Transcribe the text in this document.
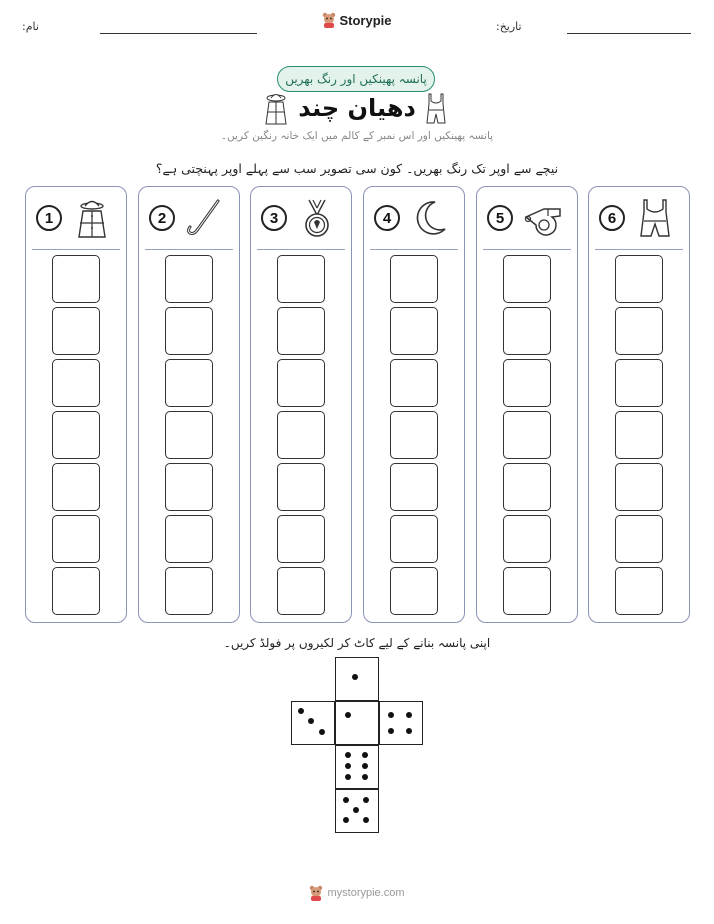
نام:	Storypie	تاریخ:
پانسہ پھینکیں اور رنگ بھریں
دھیان چند
پانسہ پھینکیں اور اس نمبر کے کالم میں ایک خانہ رنگین کریں۔
نیچے سے اوپر تک رنگ بھریں۔ کون سی تصویر سب سے پہلے اوپر پہنچتی ہے؟
1	2	3	4	5	6
اپنی پانسہ بنانے کے لیے کاٹ کر لکیروں پر فولڈ کریں۔
mystorypie.com
